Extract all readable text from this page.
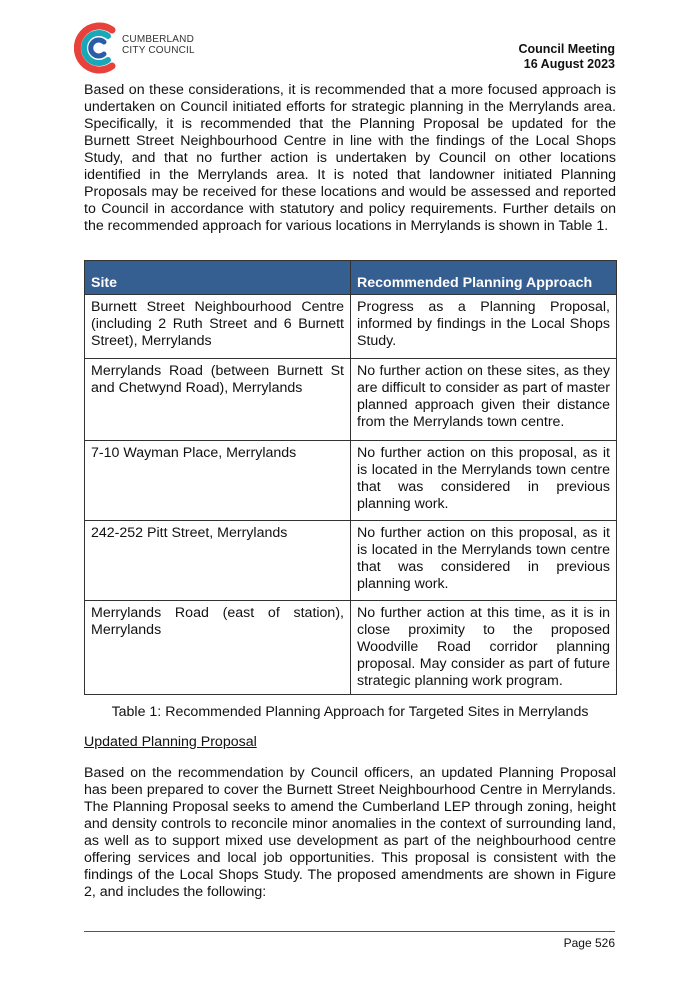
CUMBERLAND
CITY COUNCIL	Council Meeting
16 August 2023

Based on these considerations, it is recommended that a more focused approach is undertaken on Council initiated efforts for strategic planning in the Merrylands area. Specifically, it is recommended that the Planning Proposal be updated for the Burnett Street Neighbourhood Centre in line with the findings of the Local Shops Study, and that no further action is undertaken by Council on other locations identified in the Merrylands area. It is noted that landowner initiated Planning Proposals may be received for these locations and would be assessed and reported to Council in accordance with statutory and policy requirements. Further details on the recommended approach for various locations in Merrylands is shown in Table 1.

Site	Recommended Planning Approach
Burnett Street Neighbourhood Centre (including 2 Ruth Street and 6 Burnett Street), Merrylands	Progress as a Planning Proposal, informed by findings in the Local Shops Study.
Merrylands Road (between Burnett St and Chetwynd Road), Merrylands	No further action on these sites, as they are difficult to consider as part of master planned approach given their distance from the Merrylands town centre.
7-10 Wayman Place, Merrylands	No further action on this proposal, as it is located in the Merrylands town centre that was considered in previous planning work.
242-252 Pitt Street, Merrylands	No further action on this proposal, as it is located in the Merrylands town centre that was considered in previous planning work.
Merrylands Road (east of station), Merrylands	No further action at this time, as it is in close proximity to the proposed Woodville Road corridor planning proposal. May consider as part of future strategic planning work program.
Table 1: Recommended Planning Approach for Targeted Sites in Merrylands
Updated Planning Proposal

Based on the recommendation by Council officers, an updated Planning Proposal has been prepared to cover the Burnett Street Neighbourhood Centre in Merrylands. The Planning Proposal seeks to amend the Cumberland LEP through zoning, height and density controls to reconcile minor anomalies in the context of surrounding land, as well as to support mixed use development as part of the neighbourhood centre offering services and local job opportunities. This proposal is consistent with the findings of the Local Shops Study. The proposed amendments are shown in Figure 2, and includes the following:

Page 526
